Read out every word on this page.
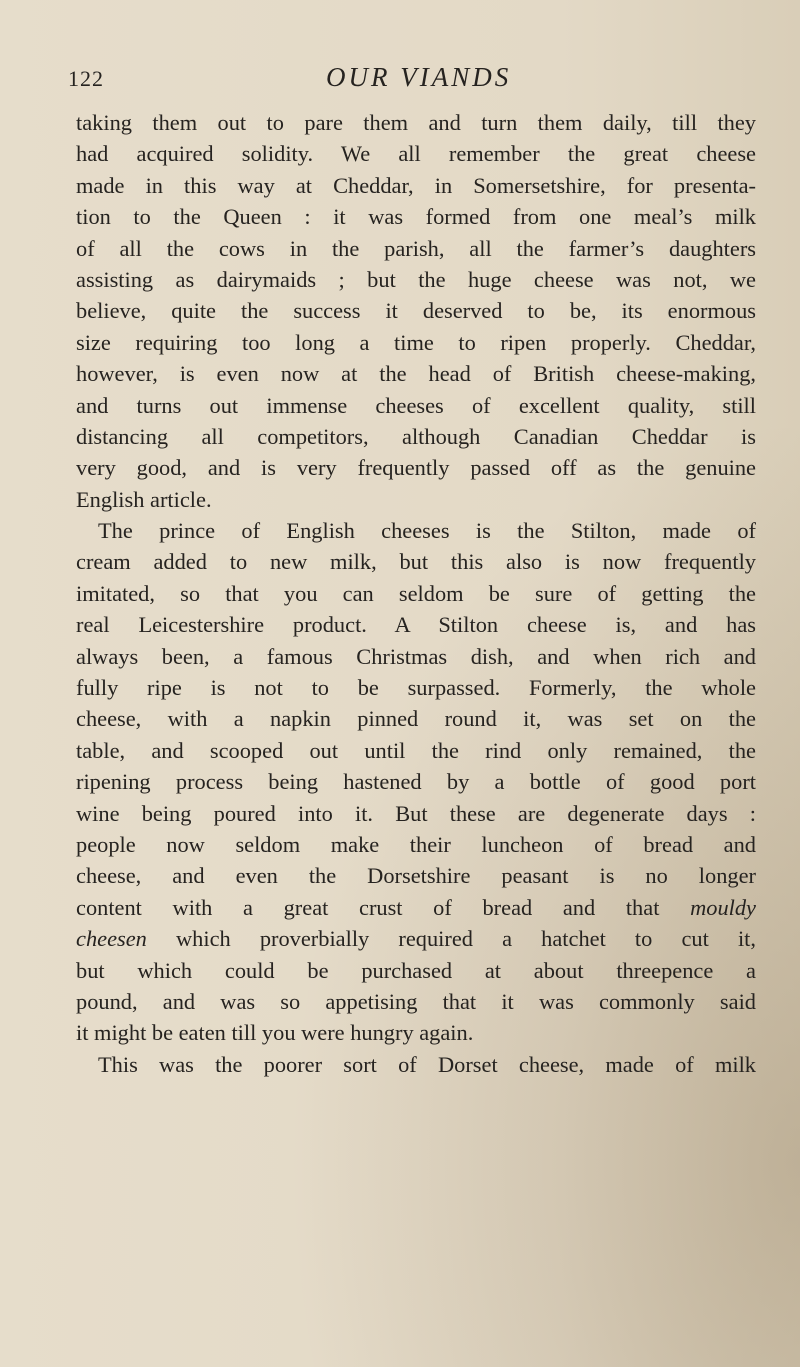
122	OUR VIANDS
taking them out to pare them and turn them daily, till they
had acquired solidity. We all remember the great cheese
made in this way at Cheddar, in Somersetshire, for presenta-
tion to the Queen : it was formed from one meal’s milk
of all the cows in the parish, all the farmer’s daughters
assisting as dairymaids ; but the huge cheese was not, we
believe, quite the success it deserved to be, its enormous
size requiring too long a time to ripen properly. Cheddar,
however, is even now at the head of British cheese-making,
and turns out immense cheeses of excellent quality, still
distancing all competitors, although Canadian Cheddar is
very good, and is very frequently passed off as the genuine
English article.
The prince of English cheeses is the Stilton, made of
cream added to new milk, but this also is now frequently
imitated, so that you can seldom be sure of getting the
real Leicestershire product. A Stilton cheese is, and has
always been, a famous Christmas dish, and when rich and
fully ripe is not to be surpassed. Formerly, the whole
cheese, with a napkin pinned round it, was set on the
table, and scooped out until the rind only remained, the
ripening process being hastened by a bottle of good port
wine being poured into it. But these are degenerate days :
people now seldom make their luncheon of bread and
cheese, and even the Dorsetshire peasant is no longer
content with a great crust of bread and that mouldy
cheesen which proverbially required a hatchet to cut it,
but which could be purchased at about threepence a
pound, and was so appetising that it was commonly said
it might be eaten till you were hungry again.
This was the poorer sort of Dorset cheese, made of milk
